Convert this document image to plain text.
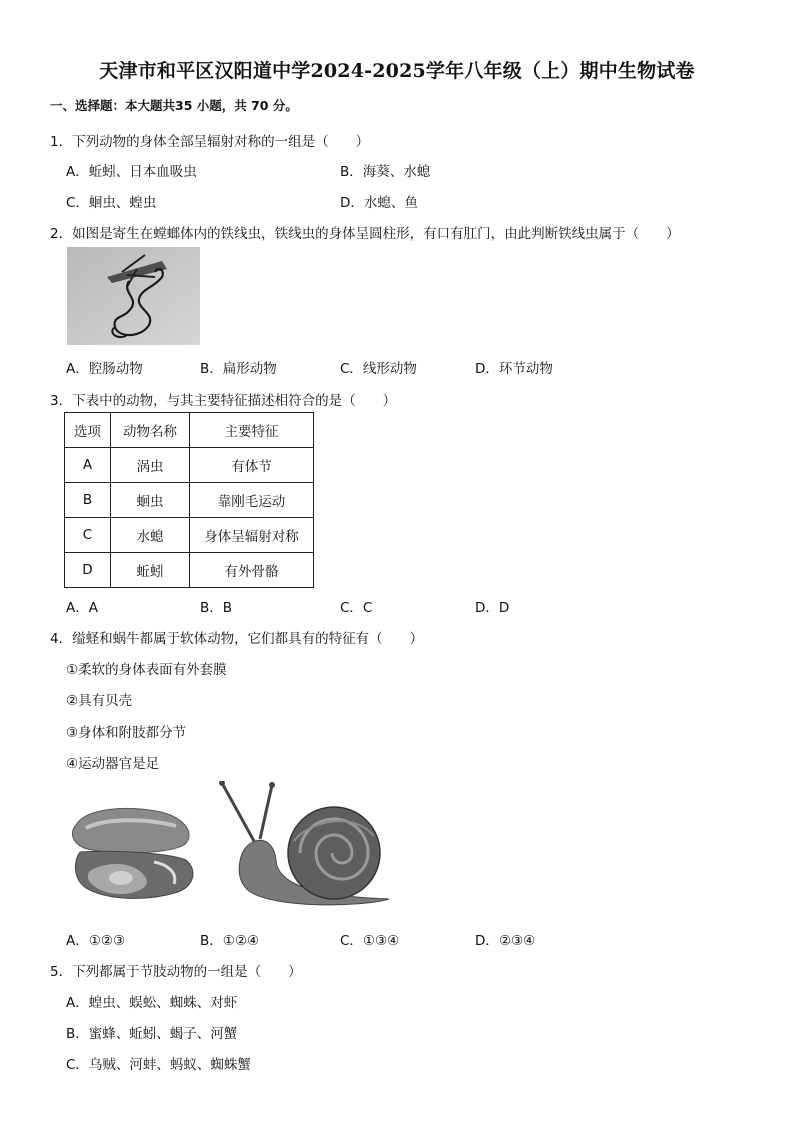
天津市和平区汉阳道中学2024-2025学年八年级（上）期中生物试卷
一、选择题：本大题共35 小题，共 70 分。
1．下列动物的身体全部呈辐射对称的一组是（　　）
A．蚯蚓、日本血吸虫	B．海葵、水螅
C．蛔虫、蝗虫	D．水螅、鱼
2．如图是寄生在螳螂体内的铁线虫，铁线虫的身体呈圆柱形，有口有肛门，由此判断铁线虫属于（　　）
A．腔肠动物	B．扁形动物	C．线形动物	D．环节动物
3．下表中的动物，与其主要特征描述相符合的是（　　）
选项	动物名称	主要特征
A	涡虫	有体节
B	蛔虫	靠刚毛运动
C	水螅	身体呈辐射对称
D	蚯蚓	有外骨骼
A．A	B．B	C．C	D．D
4．缢蛏和蜗牛都属于软体动物，它们都具有的特征有（　　）
①柔软的身体表面有外套膜
②具有贝壳
③身体和附肢都分节
④运动器官是足
A．①②③	B．①②④	C．①③④	D．②③④
5．下列都属于节肢动物的一组是（　　）
A．蝗虫、蜈蚣、蜘蛛、对虾
B．蜜蜂、蚯蚓、蝎子、河蟹
C．乌贼、河蚌、蚂蚁、蜘蛛蟹
